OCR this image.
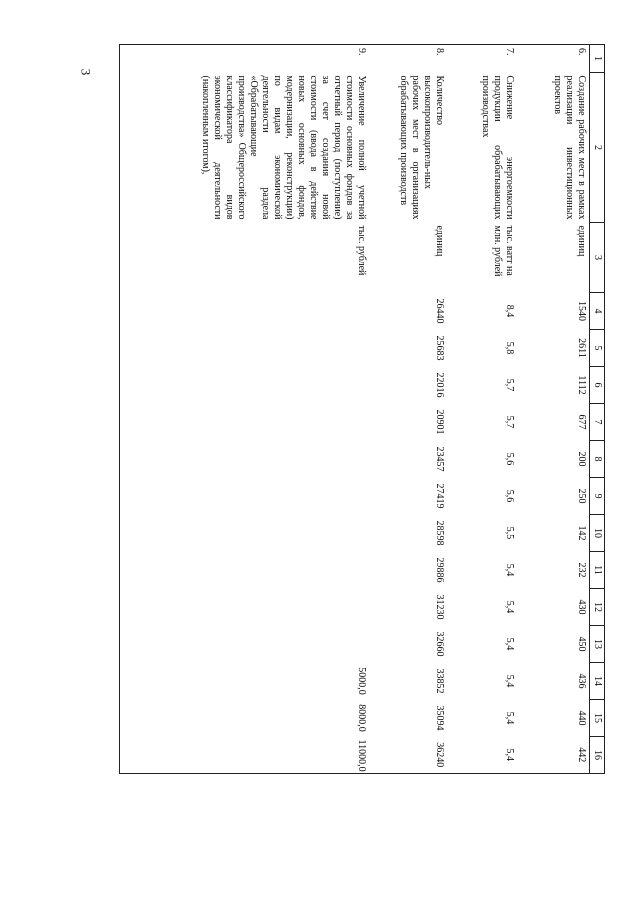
3
1	2	3	4	5	6	7	8	9	10	11	12	13	14	15	16
6.	Создание рабочих мест в рамках реализации инвестиционных проектов	единиц	1540	2611	1112	677	200	250	142	232	430	450	436	440	442
7.	Снижение энергоемкости продукции обрабатывающих производствах	тыс. ватт на млн. рублей	8,4	5,8	5,7	5,7	5,6	5,6	5,5	5,4	5,4	5,4	5,4	5,4	5,4
8.	Количество высокопроизводитель-ных рабочих мест в организациях обрабатывающих производств	единиц	26440	25683	22016	20901	23457	27419	28598	29886	31230	32660	33852	35094	36240
9.	Увеличение полной учетной стоимости основных фондов за отчетный период (поступление) за счет создания новой стоимости (ввода в действие новых основных фондов, модернизации, реконструкции) по видам экономической деятельности раздела «Обрабатывающие производства» Общероссийского классификатора видов экономической деятельности (накопленным итогом),	тыс. рублей											5000,0	8000,0	11000,0
